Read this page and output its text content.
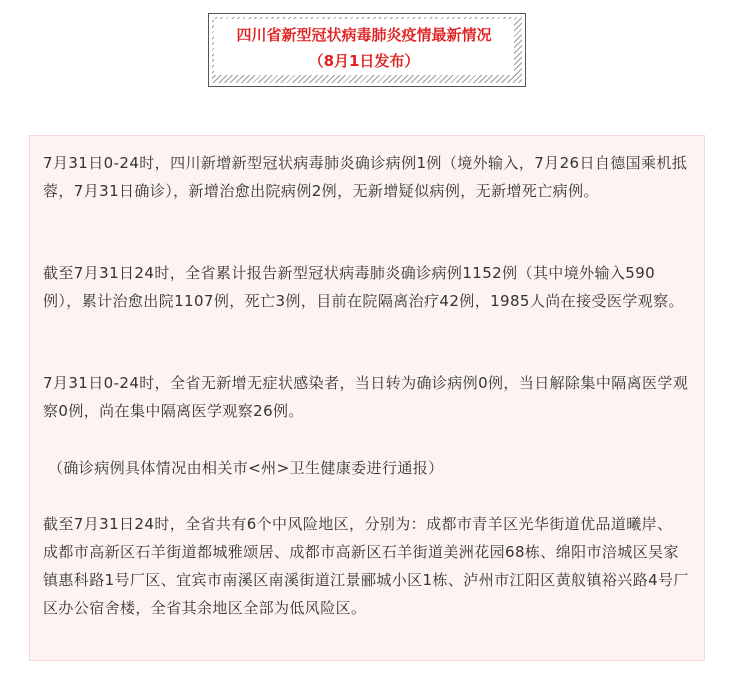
四川省新型冠状病毒肺炎疫情最新情况
（8月1日发布）

7月31日0-24时，四川新增新型冠状病毒肺炎确诊病例1例（境外输入，7月26日自德国乘机抵蓉，7月31日确诊），新增治愈出院病例2例，无新增疑似病例，无新增死亡病例。

截至7月31日24时，全省累计报告新型冠状病毒肺炎确诊病例1152例（其中境外输入590例），累计治愈出院1107例，死亡3例，目前在院隔离治疗42例，1985人尚在接受医学观察。

7月31日0-24时，全省无新增无症状感染者，当日转为确诊病例0例，当日解除集中隔离医学观察0例，尚在集中隔离医学观察26例。

（确诊病例具体情况由相关市<州>卫生健康委进行通报）

截至7月31日24时，全省共有6个中风险地区，分别为：成都市青羊区光华街道优品道曦岸、 成都市高新区石羊街道都城雅颂居、成都市高新区石羊街道美洲花园68栋、绵阳市涪城区吴家镇惠科路1号厂区、宜宾市南溪区南溪街道江景郦城小区1栋、泸州市江阳区黄舣镇裕兴路4号厂区办公宿舍楼，全省其余地区全部为低风险区。
